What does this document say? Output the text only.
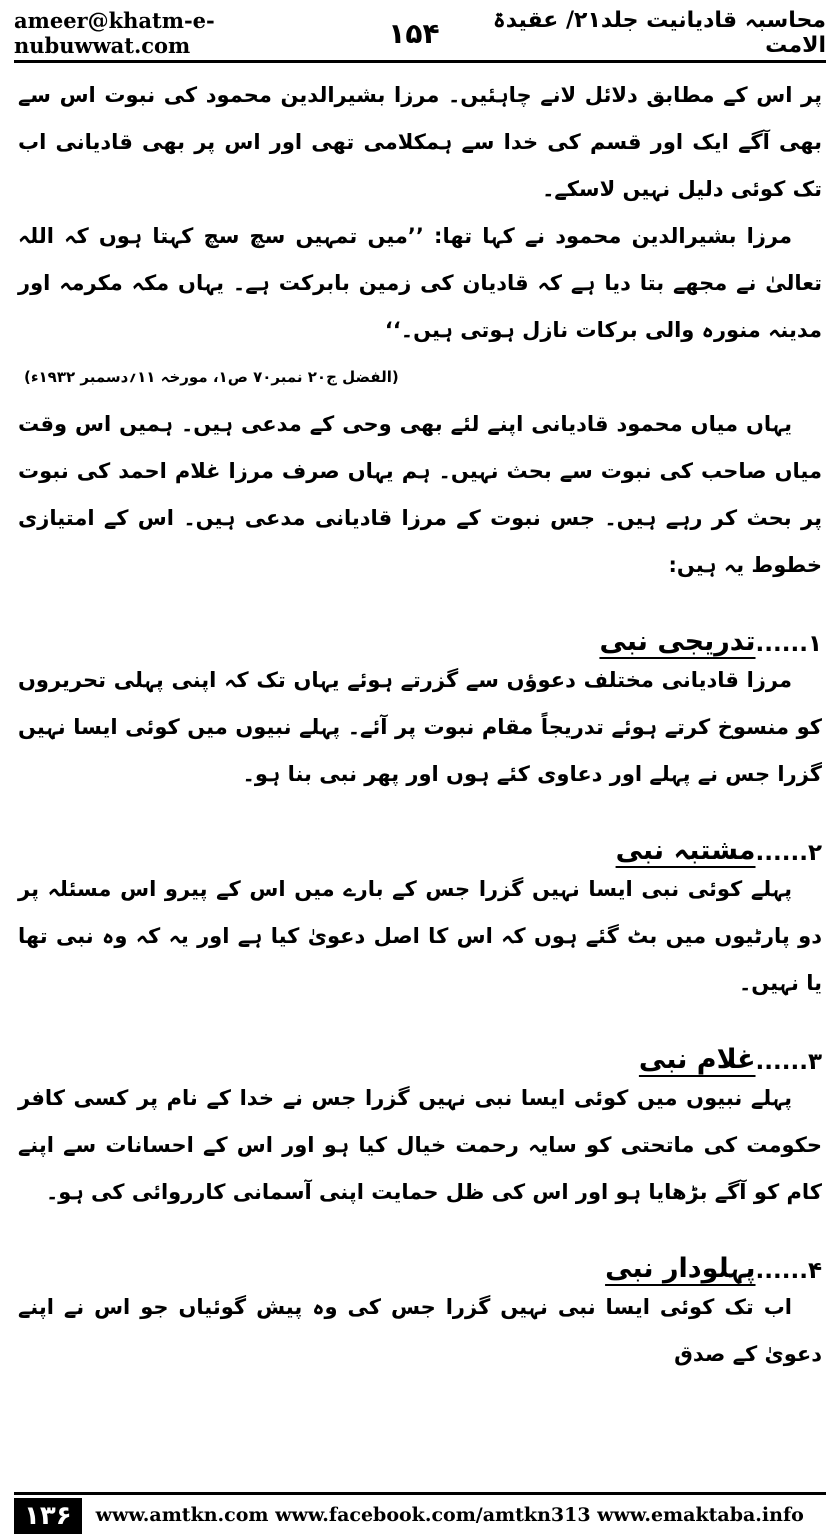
ameer@khatm-e-nubuwwat.com	۱۵۴	محاسبہ قادیانیت جلد۲۱/ عقیدۃ الامت

پر اس کے مطابق دلائل لانے چاہئیں۔ مرزا بشیرالدین محمود کی نبوت اس سے بھی آگے ایک اور قسم کی خدا سے ہمکلامی تھی اور اس پر بھی قادیانی اب تک کوئی دلیل نہیں لاسکے۔

مرزا بشیرالدین محمود نے کہا تھا: ’’میں تمہیں سچ سچ کہتا ہوں کہ اللہ تعالیٰ نے مجھے بتا دیا ہے کہ قادیان کی زمین بابرکت ہے۔ یہاں مکہ مکرمہ اور مدینہ منورہ والی برکات نازل ہوتی ہیں۔‘‘
(الفضل ج۲۰ نمبر۷۰ ص۱، مورخہ ۱۱؍دسمبر ۱۹۳۲ء)

یہاں میاں محمود قادیانی اپنے لئے بھی وحی کے مدعی ہیں۔ ہمیں اس وقت میاں صاحب کی نبوت سے بحث نہیں۔ ہم یہاں صرف مرزا غلام احمد کی نبوت پر بحث کر رہے ہیں۔ جس نبوت کے مرزا قادیانی مدعی ہیں۔ اس کے امتیازی خطوط یہ ہیں:

۱......
تدریجی نبی

مرزا قادیانی مختلف دعوؤں سے گزرتے ہوئے یہاں تک کہ اپنی پہلی تحریروں کو منسوخ کرتے ہوئے تدریجاً مقام نبوت پر آئے۔ پہلے نبیوں میں کوئی ایسا نہیں گزرا جس نے پہلے اور دعاوی کئے ہوں اور پھر نبی بنا ہو۔

۲......
مشتبہ نبی

پہلے کوئی نبی ایسا نہیں گزرا جس کے بارے میں اس کے پیرو اس مسئلہ پر دو پارٹیوں میں بٹ گئے ہوں کہ اس کا اصل دعویٰ کیا ہے اور یہ کہ وہ نبی تھا یا نہیں۔

۳......
غلام نبی

پہلے نبیوں میں کوئی ایسا نبی نہیں گزرا جس نے خدا کے نام پر کسی کافر حکومت کی ماتحتی کو سایہ رحمت خیال کیا ہو اور اس کے احسانات سے اپنے کام کو آگے بڑھایا ہو اور اس کی ظل حمایت اپنی آسمانی کارروائی کی ہو۔

۴......
پہلودار نبی

اب تک کوئی ایسا نبی نہیں گزرا جس کی وہ پیش گوئیاں جو اس نے اپنے دعویٰ کے صدق

۱۳۶	www.amtkn.com www.facebook.com/amtkn313 www.emaktaba.info
